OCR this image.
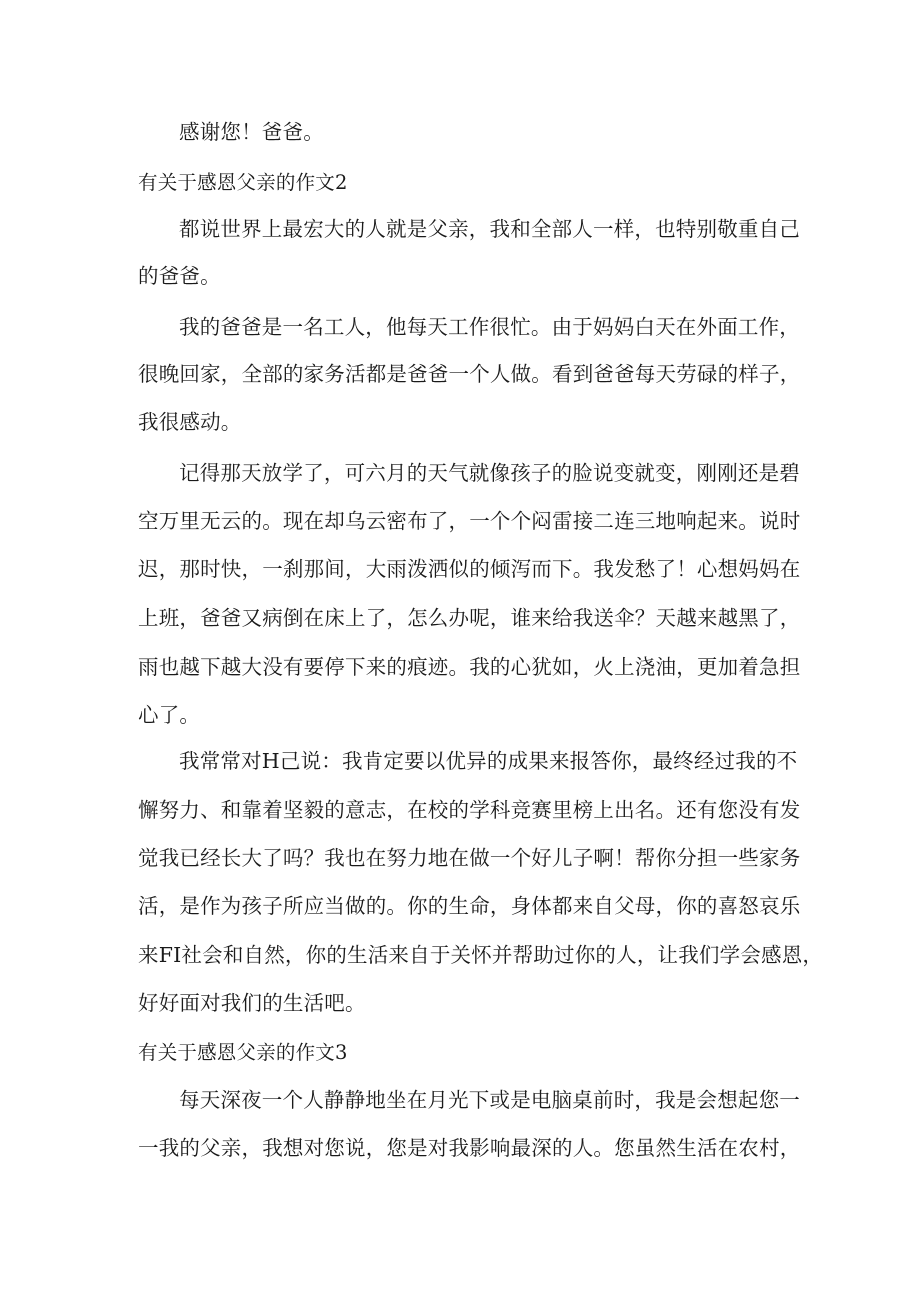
感谢您！爸爸。
有关于感恩父亲的作文2
都说世界上最宏大的人就是父亲，我和全部人一样，也特别敬重自己
的爸爸。
我的爸爸是一名工人，他每天工作很忙。由于妈妈白天在外面工作，
很晚回家，全部的家务活都是爸爸一个人做。看到爸爸每天劳碌的样子，
我很感动。
记得那天放学了，可六月的天气就像孩子的脸说变就变，刚刚还是碧
空万里无云的。现在却乌云密布了，一个个闷雷接二连三地响起来。说时
迟，那时快，一刹那间，大雨泼洒似的倾泻而下。我发愁了！心想妈妈在
上班，爸爸又病倒在床上了，怎么办呢，谁来给我送伞？天越来越黑了，
雨也越下越大没有要停下来的痕迹。我的心犹如，火上浇油，更加着急担
心了。
我常常对H己说：我肯定要以优异的成果来报答你，最终经过我的不
懈努力、和靠着坚毅的意志，在校的学科竞赛里榜上出名。还有您没有发
觉我已经长大了吗？我也在努力地在做一个好儿子啊！帮你分担一些家务
活，是作为孩子所应当做的。你的生命，身体都来自父母，你的喜怒哀乐
来FI社会和自然，你的生活来自于关怀并帮助过你的人，让我们学会感恩，
好好面对我们的生活吧。
有关于感恩父亲的作文3
每天深夜一个人静静地坐在月光下或是电脑桌前时，我是会想起您一
一我的父亲，我想对您说，您是对我影响最深的人。您虽然生活在农村，
